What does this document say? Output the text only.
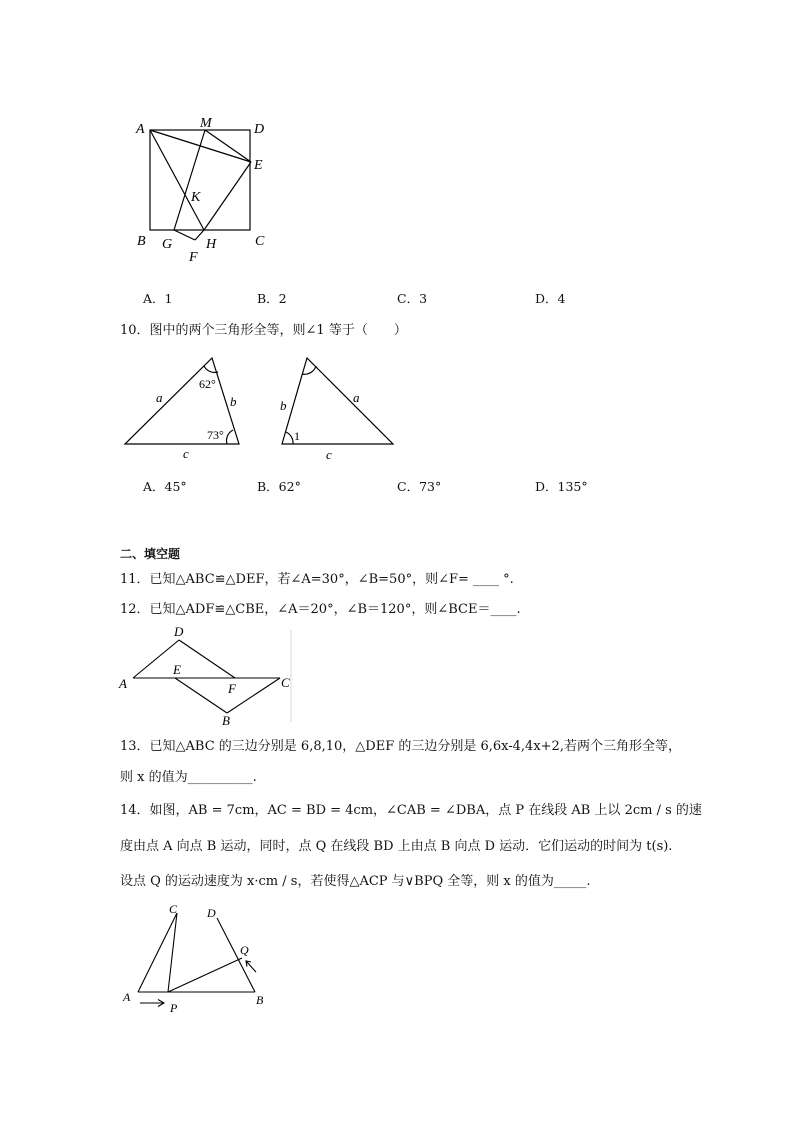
A	M	D
E
K
B G H	C
F
A．1	B．2	C．3	D．4
10．图中的两个三角形全等，则∠1 等于（　　）
a	b
c
62°
73°
b
a
c
1
A．45°	B．62°	C．73°	D．135°
二、填空题
11．已知△ABC≌△DEF，若∠A=30°，∠B=50°，则∠F= ____ °.
12．已知△ADF≌△CBE，∠A＝20°，∠B＝120°，则∠BCE＝____.
D
E
A	F	C
B
13．已知△ABC 的三边分别是 6,8,10，△DEF 的三边分别是 6,6x-4,4x+2,若两个三角形全等，
则 x 的值为__________.
14．如图，AB = 7cm，AC = BD = 4cm，∠CAB = ∠DBA，点 P 在线段 AB 上以 2cm / s 的速
度由点 A 向点 B 运动，同时，点 Q 在线段 BD 上由点 B 向点 D 运动．它们运动的时间为 t(s).
设点 Q 的运动速度为 x·cm / s，若使得△ACP 与∨BPQ 全等，则 x 的值为_____.
C D
Q
A
P
B
